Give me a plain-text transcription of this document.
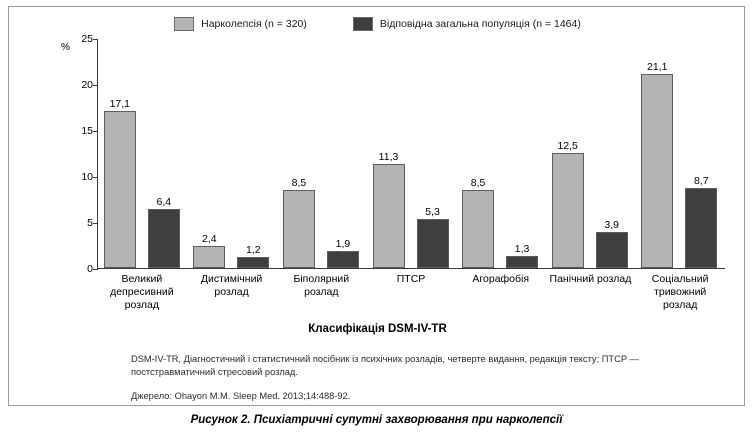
Нарколепсія (n = 320)	Відповідна загальна популяція (n = 1464)
%
25
20
15
10
5
0
17,1
6,4
2,4
1,2
8,5
1,9
11,3
5,3
8,5
1,3
12,5
3,9
21,1
8,7
Великий депресивний розлад
Дистимічний розлад
Біполярний розлад
ПТСР	Агорафобія	Панічний розлад	Соціальний тривожний розлад
Класифікація DSM-IV-TR
DSM-IV-TR, Діагностичний і статистичний посібник із психічних розладів, четверте видання, редакція тексту; ПТСР — постстравматичний стресовий розлад.
Джерело: Ohayon M.M. Sleep Med. 2013;14:488-92.
Рисунок 2. Психіатричні супутні захворювання при нарколепсії
